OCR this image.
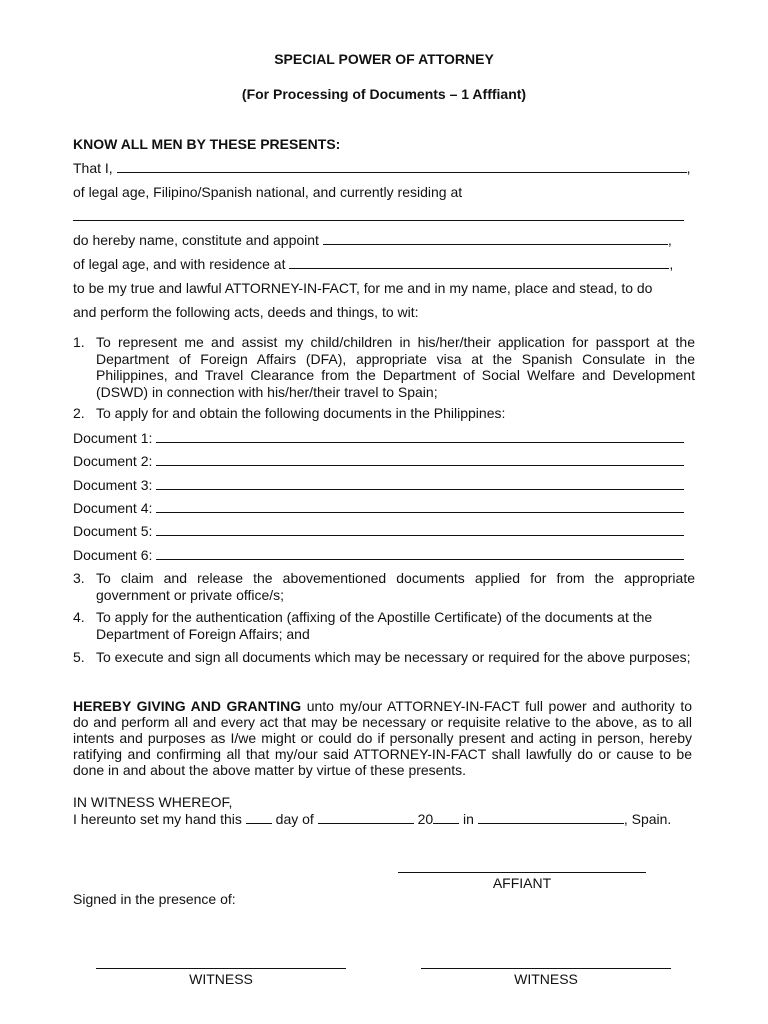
SPECIAL POWER OF ATTORNEY
(For Processing of Documents – 1 Afffiant)
KNOW ALL MEN BY THESE PRESENTS:
That I,	,
of legal age, Filipino/Spanish national, and currently residing at
do hereby name, constitute and appoint	,
of legal age, and with residence at	,
to be my true and lawful ATTORNEY-IN-FACT, for me and in my name, place and stead, to do
and perform the following acts, deeds and things, to wit:
1. To represent me and assist my child/children in his/her/their application for passport at the Department of Foreign Affairs (DFA), appropriate visa at the Spanish Consulate in the Philippines, and Travel Clearance from the Department of Social Welfare and Development (DSWD) in connection with his/her/their travel to Spain;
2. To apply for and obtain the following documents in the Philippines:
Document 1:
Document 2:
Document 3:
Document 4:
Document 5:
Document 6:
3. To claim and release the abovementioned documents applied for from the appropriate government or private office/s;
4. To apply for the authentication (affixing of the Apostille Certificate) of the documents at the Department of Foreign Affairs; and
5. To execute and sign all documents which may be necessary or required for the above purposes;
HEREBY GIVING AND GRANTING unto my/our ATTORNEY-IN-FACT full power and authority to do and perform all and every act that may be necessary or requisite relative to the above, as to all intents and purposes as I/we might or could do if personally present and acting in person, hereby ratifying and confirming all that my/our said ATTORNEY-IN-FACT shall lawfully do or cause to be done in and about the above matter by virtue of these presents.
IN WITNESS WHEREOF,
I hereunto set my hand this day of	20 in	, Spain.
AFFIANT
Signed in the presence of:
WITNESS	WITNESS
